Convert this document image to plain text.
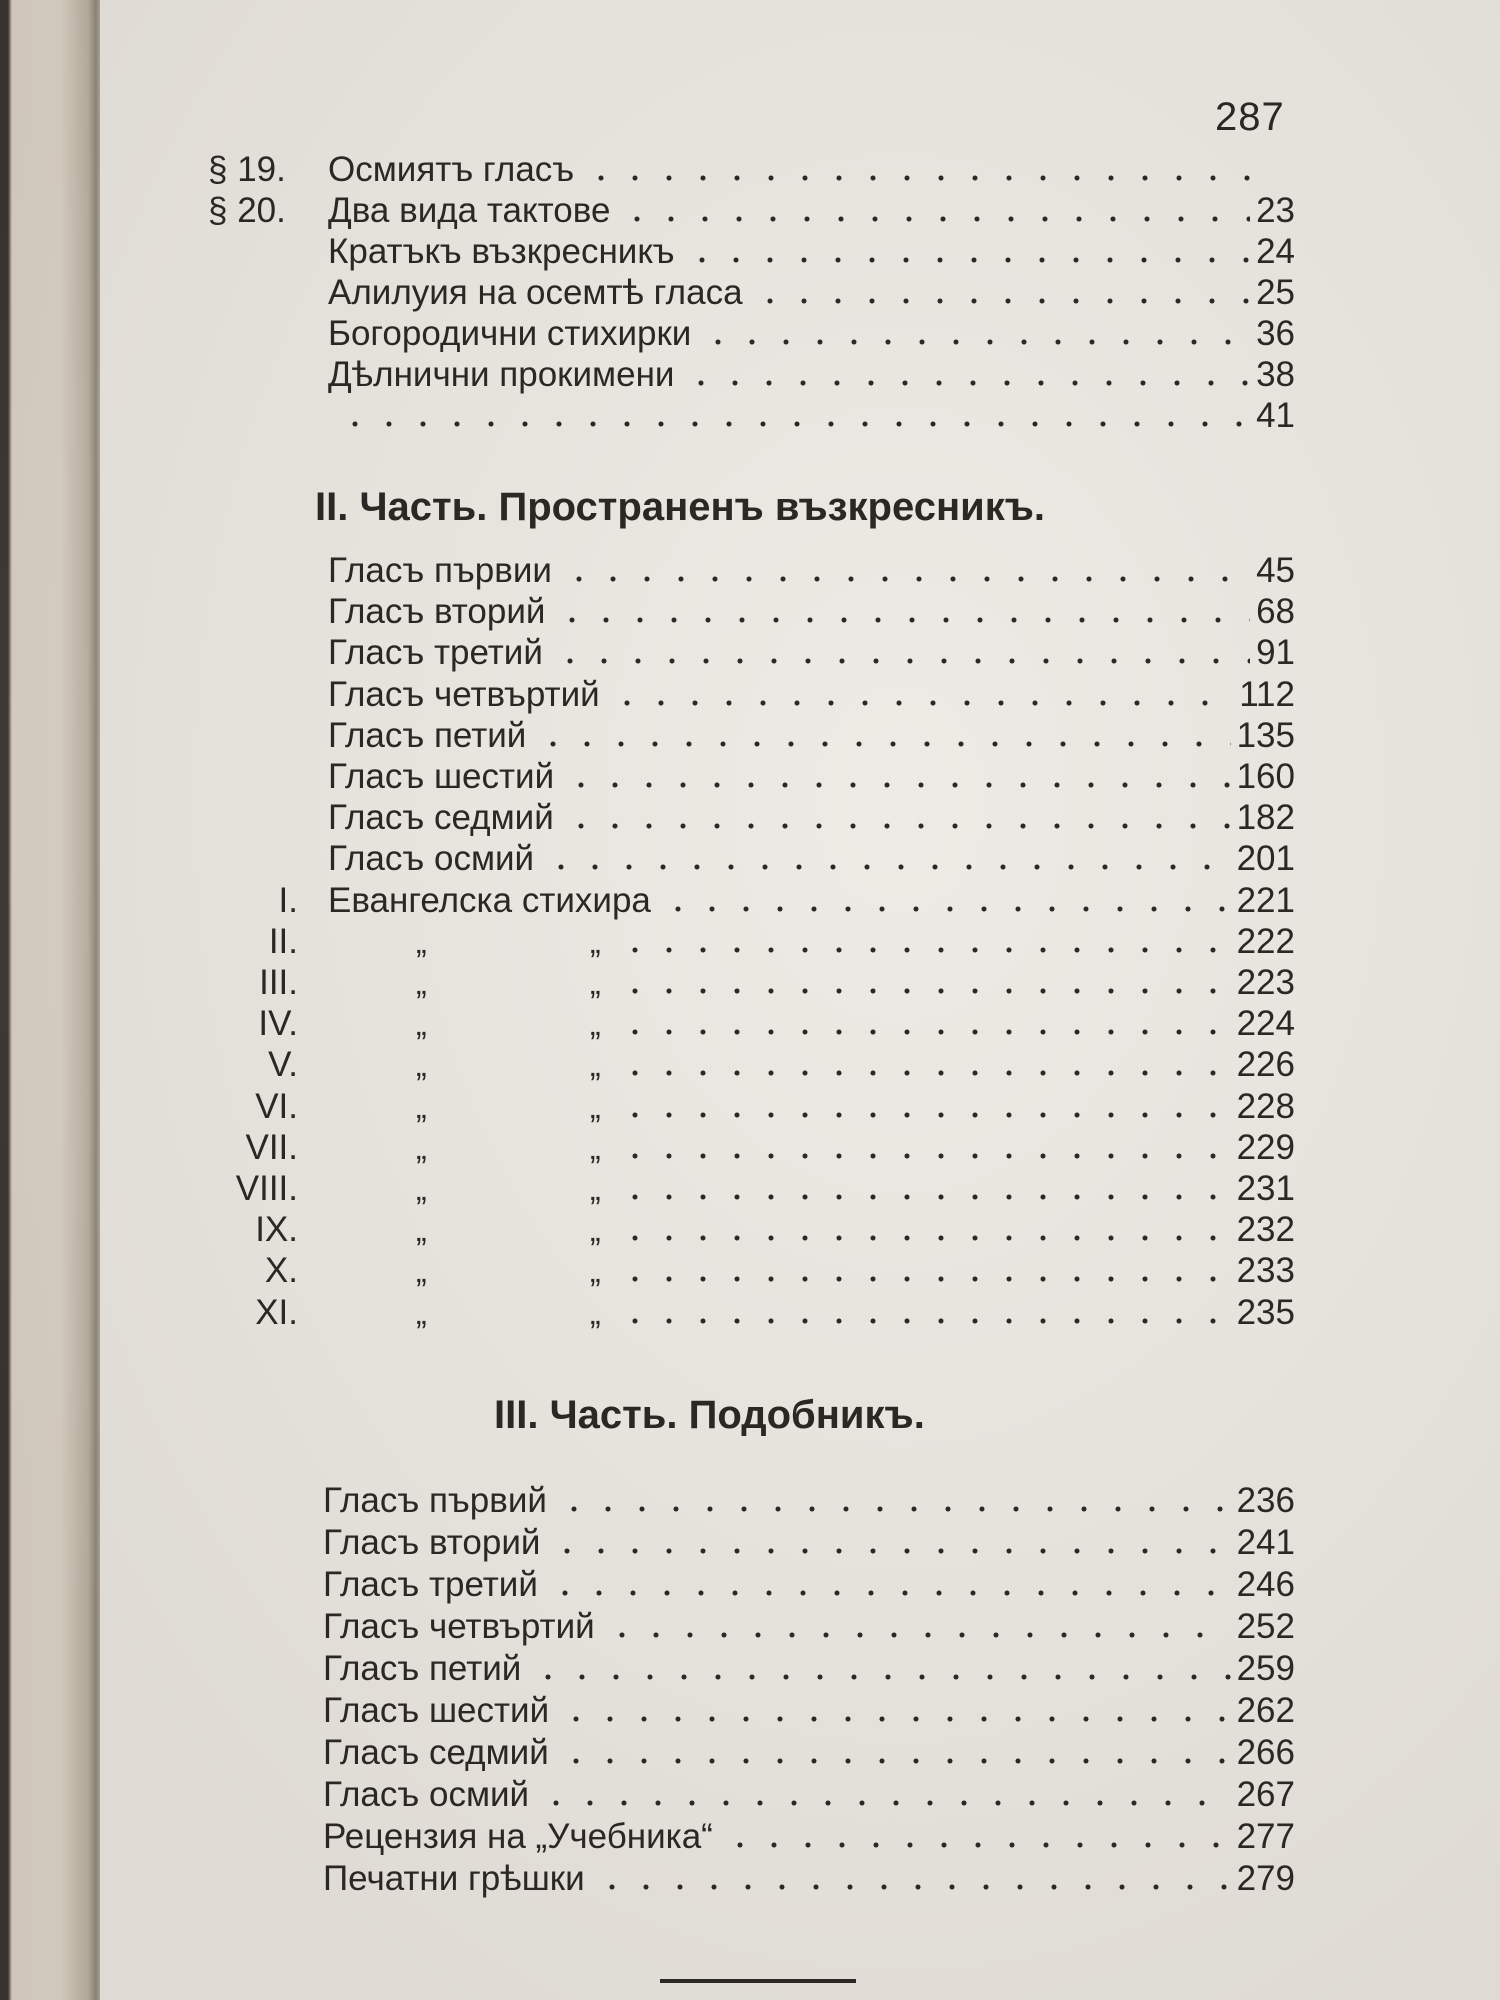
287
§ 19.	Осмиятъ гласъ
§ 20.	Два вида тактове	23
Кратъкъ възкресникъ	24
Алилуия на осемтѣ гласа	25
Богородични стихирки	36
Дѣлнични прокимени	38
41
II. Часть. Пространенъ възкресникъ.
Гласъ първии	45
Гласъ вторий	68
Гласъ третий	91
Гласъ четвъртий	112
Гласъ петий	135
Гласъ шестий	160
Гласъ седмий	182
Гласъ осмий	201
I. Евангелска стихира	221
II.	„	„	222
III.	„	„	223
IV.	„	„	224
V.	„	„	226
VI.	„	„	228
VII.	„	„	229
VIII.	„	„	231
IX.	„	„	232
X.	„	„	233
XI.	„	„	235
III. Часть. Подобникъ.
Гласъ първий	236
Гласъ вторий	241
Гласъ третий	246
Гласъ четвъртий	252
Гласъ петий	259
Гласъ шестий	262
Гласъ седмий	266
Гласъ осмий	267
Рецензия на „Учебника“	277
Печатни грѣшки	279
